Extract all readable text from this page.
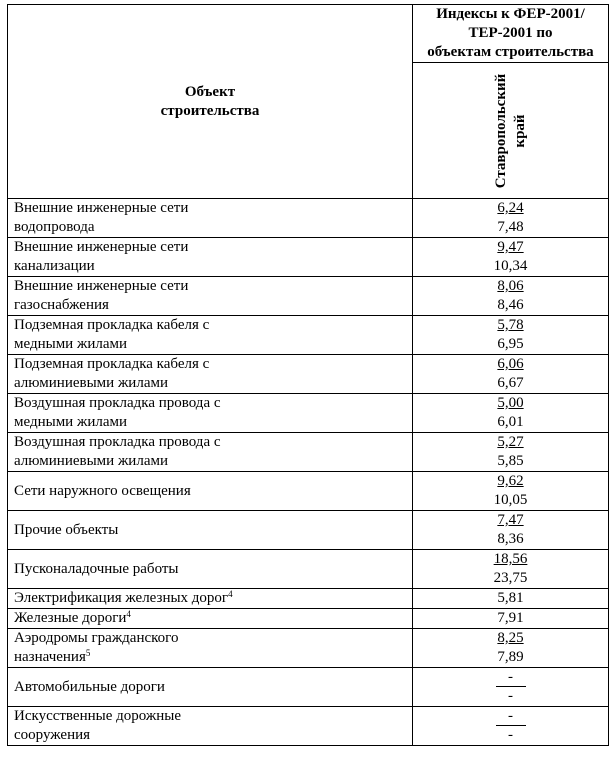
Объект
строительства	Индексы к ФЕР-2001/ТЕР-2001 по
объектам строительства

	Ставропольский край

Внешние инженерные сети
водопровода	6,24
7,48

Внешние инженерные сети
канализации	9,47
10,34

Внешние инженерные сети
газоснабжения	8,06
8,46

Подземная прокладка кабеля с
медными жилами	5,78
6,95

Подземная прокладка кабеля с
алюминиевыми жилами	6,06
6,67

Воздушная прокладка провода с
медными жилами	5,00
6,01

Воздушная прокладка провода с
алюминиевыми жилами	5,27
5,85

Сети наружного освещения	9,62
10,05

Прочие объекты	7,47
8,36

Пусконаладочные работы	18,56
23,75

Электрификация железных дорог$^4$	5,81

Железные дороги$^4$	7,91

Аэродромы гражданского
назначения$^5$	8,25
7,89

Автомобильные дороги	-
-

Искусственные дорожные
сооружения	-
-
